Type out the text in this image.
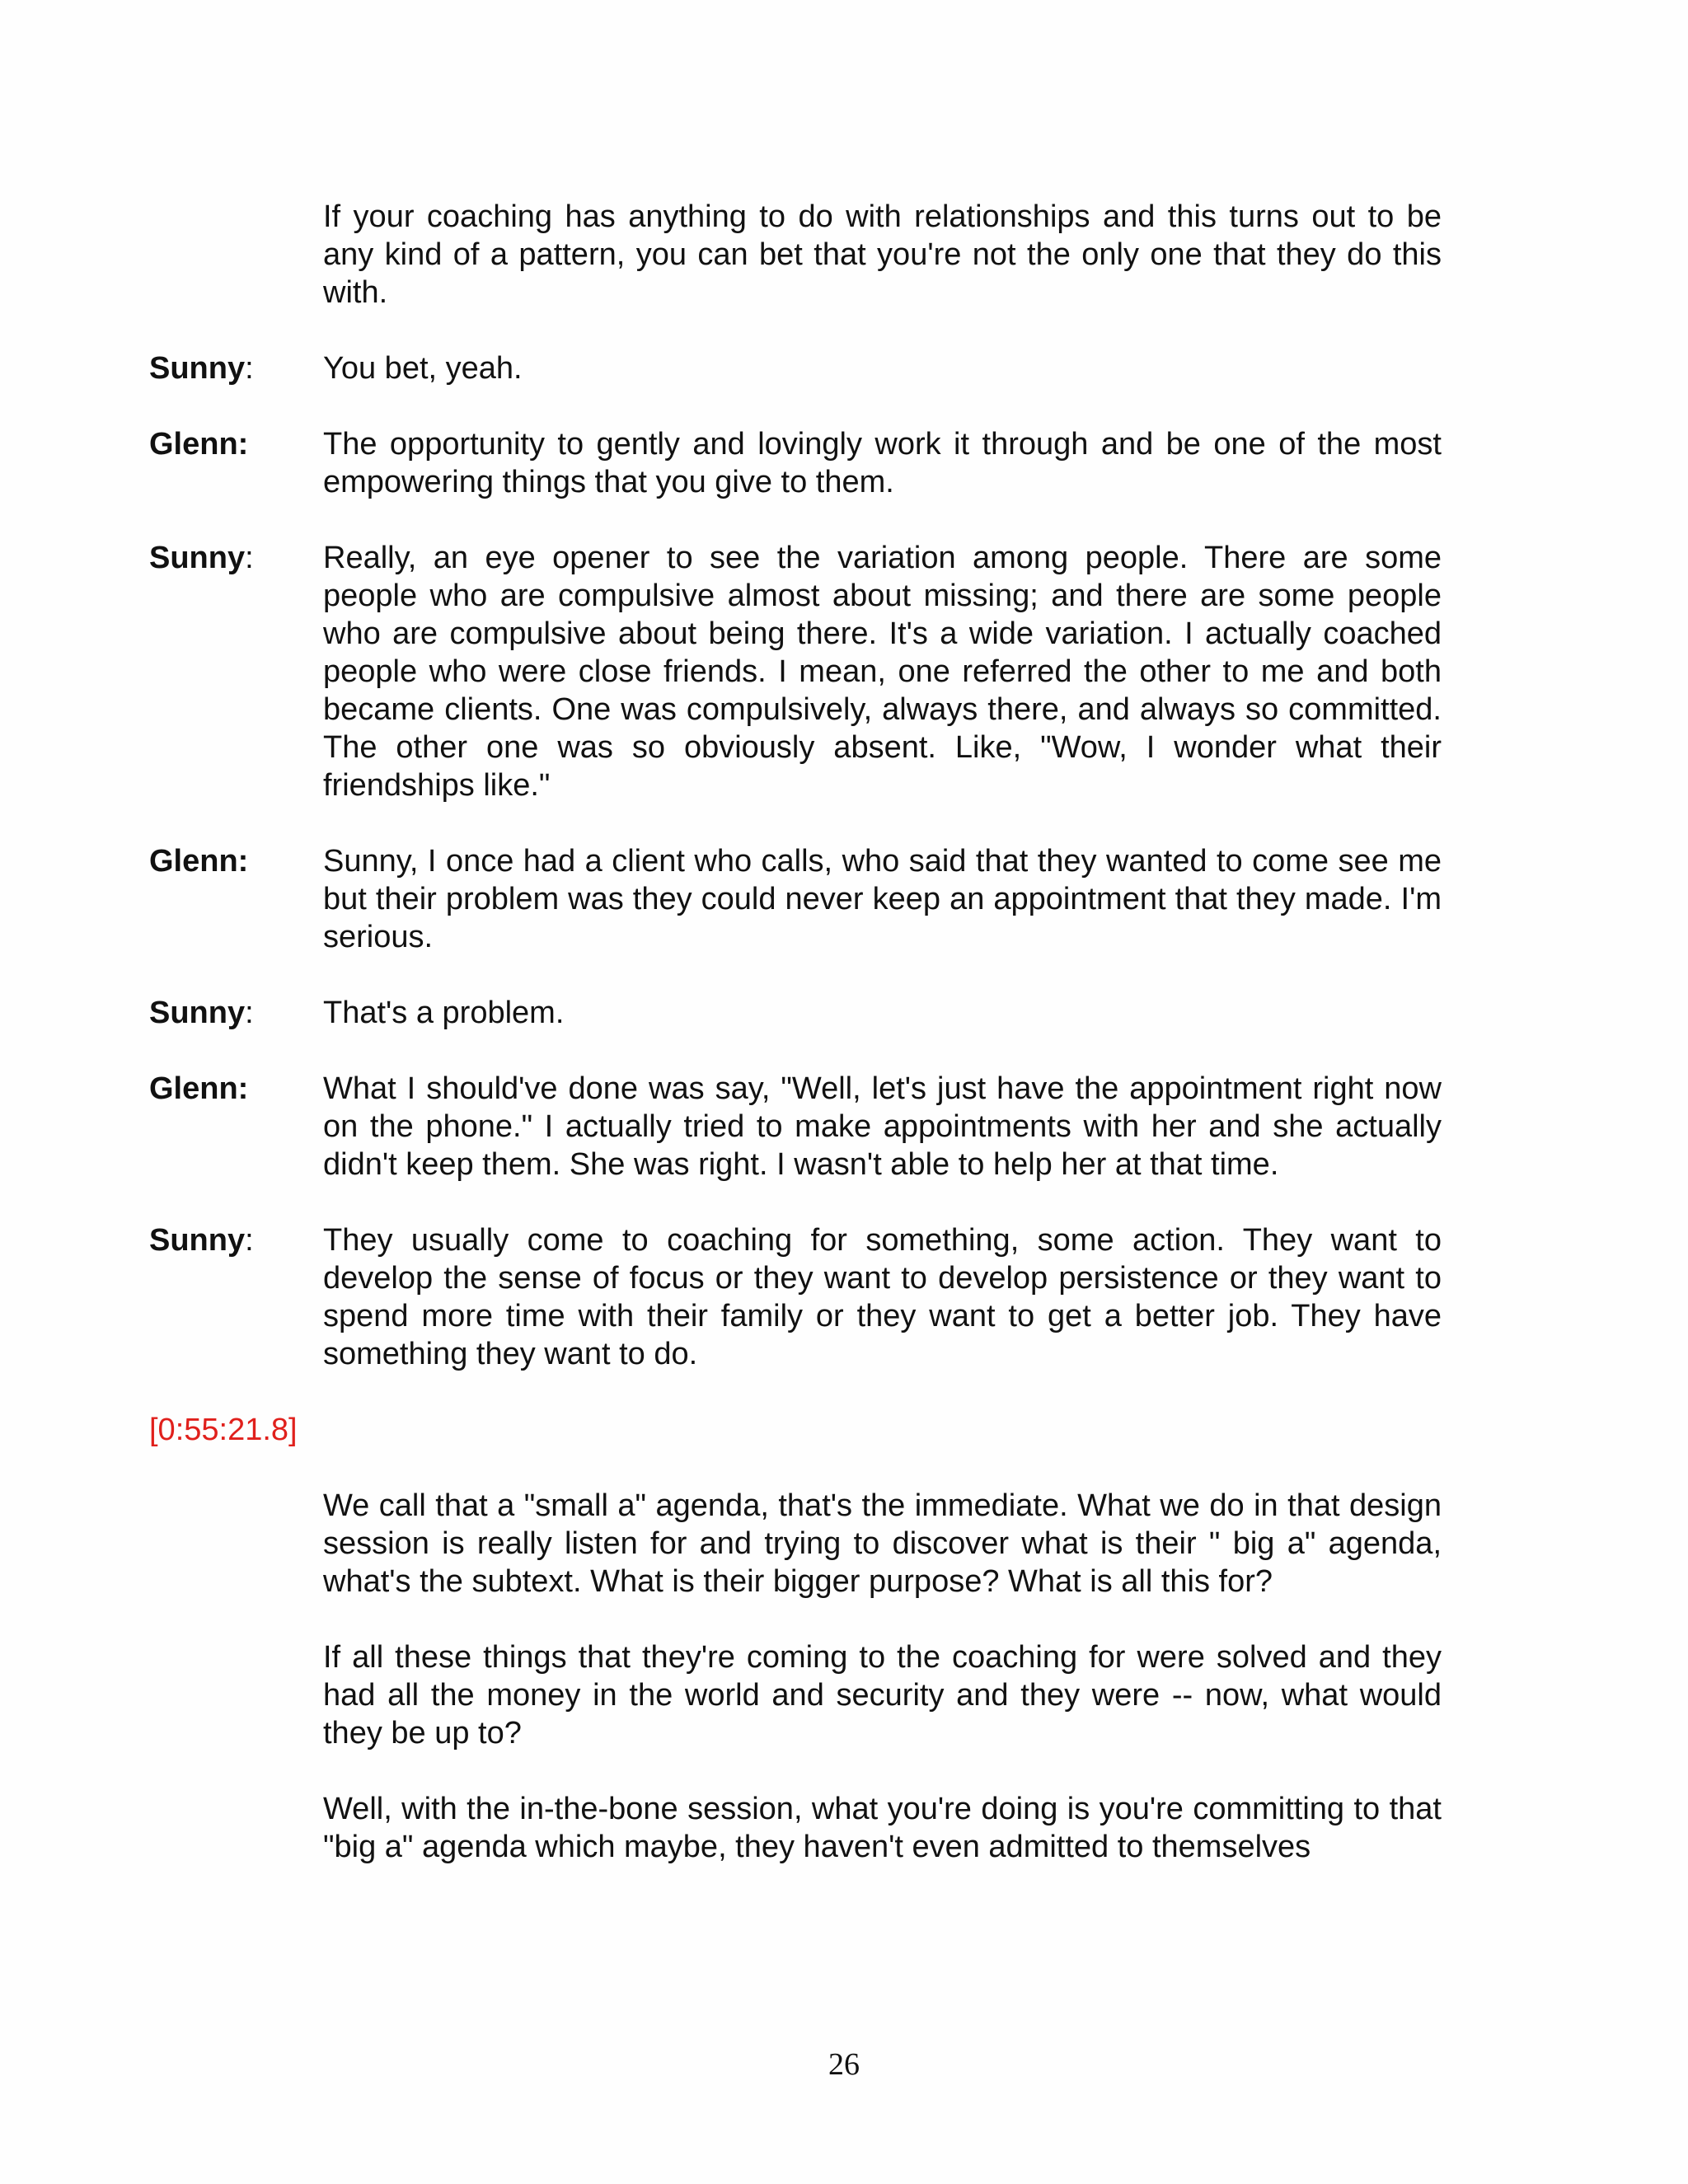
If your coaching has anything to do with relationships and this turns out to be any kind of a pattern, you can bet that you're not the only one that they do this with.
Sunny:	You bet, yeah.
Glenn:	The opportunity to gently and lovingly work it through and be one of the most empowering things that you give to them.
Sunny:	Really, an eye opener to see the variation among people. There are some people who are compulsive almost about missing; and there are some people who are compulsive about being there. It's a wide variation. I actually coached people who were close friends. I mean, one referred the other to me and both became clients. One was compulsively, always there, and always so committed. The other one was so obviously absent. Like, "Wow, I wonder what their friendships like."
Glenn:	Sunny, I once had a client who calls, who said that they wanted to come see me but their problem was they could never keep an appointment that they made. I'm serious.
Sunny:	That's a problem.
Glenn:	What I should've done was say, "Well, let's just have the appointment right now on the phone." I actually tried to make appointments with her and she actually didn't keep them. She was right. I wasn't able to help her at that time.
Sunny:	They usually come to coaching for something, some action. They want to develop the sense of focus or they want to develop persistence or they want to spend more time with their family or they want to get a better job. They have something they want to do.
[0:55:21.8]
We call that a "small a" agenda, that's the immediate. What we do in that design session is really listen for and trying to discover what is their " big a" agenda, what's the subtext. What is their bigger purpose? What is all this for?
If all these things that they're coming to the coaching for were solved and they had all the money in the world and security and they were -- now, what would they be up to?
Well, with the in-the-bone session, what you're doing is you're committing to that "big a" agenda which maybe, they haven't even admitted to themselves
26
